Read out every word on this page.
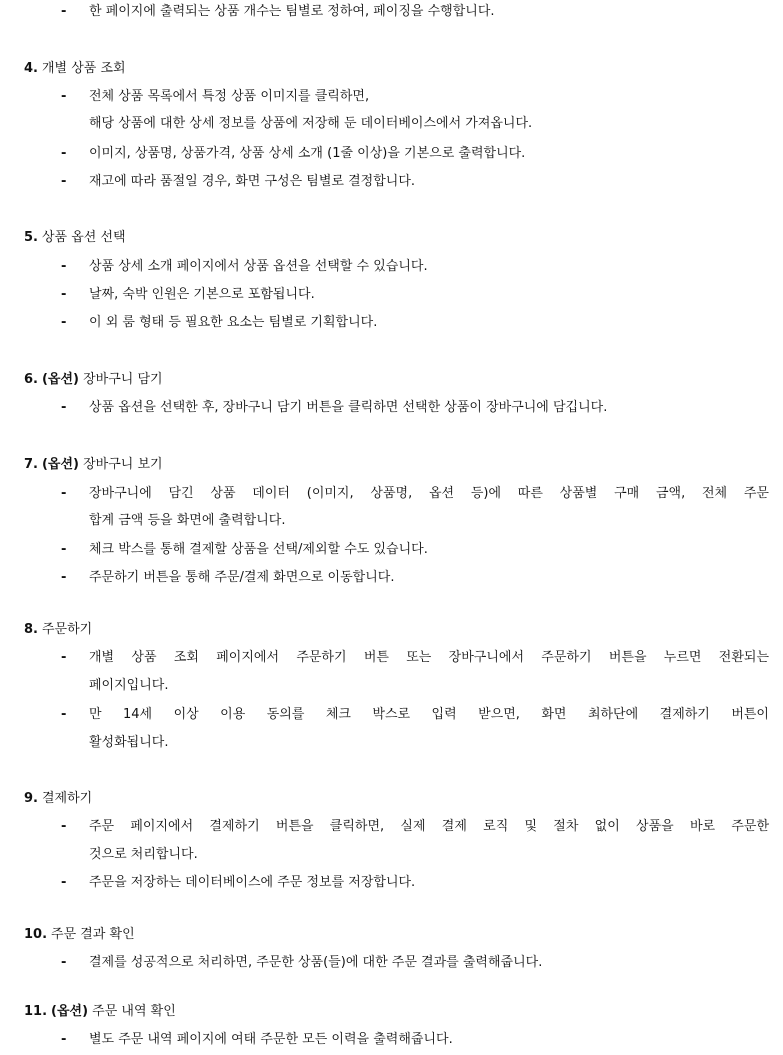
- 한 페이지에 출력되는 상품 개수는 팀별로 정하여, 페이징을 수행합니다.
4. 개별 상품 조회
- 전체 상품 목록에서 특정 상품 이미지를 클릭하면,
해당 상품에 대한 상세 정보를 상품에 저장해 둔 데이터베이스에서 가져옵니다.
- 이미지, 상품명, 상품가격, 상품 상세 소개 (1줄 이상)을 기본으로 출력합니다.
- 재고에 따라 품절일 경우, 화면 구성은 팀별로 결정합니다.
5. 상품 옵션 선택
- 상품 상세 소개 페이지에서 상품 옵션을 선택할 수 있습니다.
- 날짜, 숙박 인원은 기본으로 포함됩니다.
- 이 외 룸 형태 등 필요한 요소는 팀별로 기획합니다.
6. (옵션) 장바구니 담기
- 상품 옵션을 선택한 후, 장바구니 담기 버튼을 클릭하면 선택한 상품이 장바구니에 담깁니다.
7. (옵션) 장바구니 보기
- 장바구니에 담긴 상품 데이터 (이미지, 상품명, 옵션 등)에 따른 상품별 구매 금액, 전체 주문
합계 금액 등을 화면에 출력합니다.
- 체크 박스를 통해 결제할 상품을 선택/제외할 수도 있습니다.
- 주문하기 버튼을 통해 주문/결제 화면으로 이동합니다.
8. 주문하기
- 개별 상품 조회 페이지에서 주문하기 버튼 또는 장바구니에서 주문하기 버튼을 누르면 전환되는
페이지입니다.
- 만 14세 이상 이용 동의를 체크 박스로 입력 받으면, 화면 최하단에 결제하기 버튼이
활성화됩니다.
9. 결제하기
- 주문 페이지에서 결제하기 버튼을 클릭하면, 실제 결제 로직 및 절차 없이 상품을 바로 주문한
것으로 처리합니다.
- 주문을 저장하는 데이터베이스에 주문 정보를 저장합니다.
10. 주문 결과 확인
- 결제를 성공적으로 처리하면, 주문한 상품(들)에 대한 주문 결과를 출력해줍니다.
11. (옵션) 주문 내역 확인
- 별도 주문 내역 페이지에 여태 주문한 모든 이력을 출력해줍니다.
